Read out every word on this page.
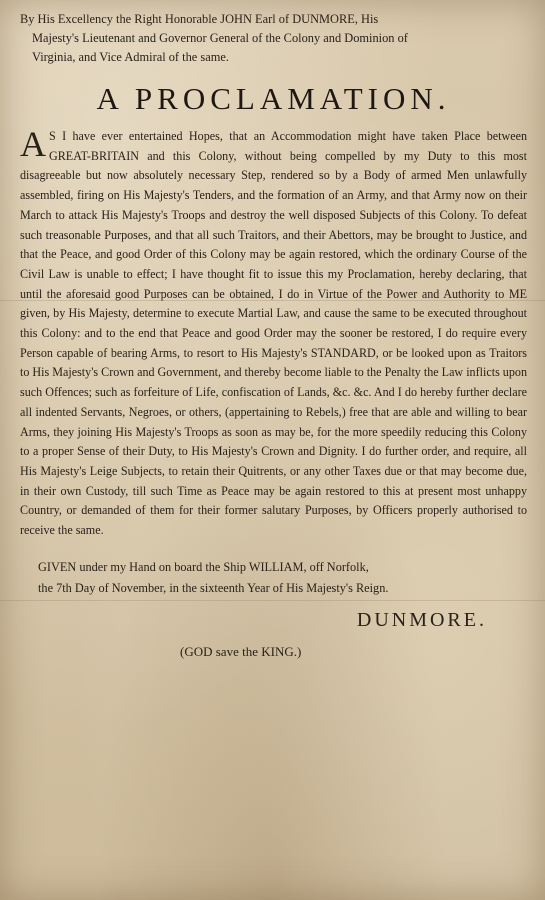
By His Excellency the Right Honorable JOHN Earl of DUNMORE, His

Majesty's Lieutenant and Governor General of the Colony and Dominion of
Virginia, and Vice Admiral of the same.

A PROCLAMATION.

A S I have ever entertained Hopes, that an Accommodation might have taken Place between GREAT-BRITAIN and this Colony, without being compelled by my Duty to this most disagreeable but now absolutely necessary Step, rendered so by a Body of armed Men unlawfully assembled, firing on His Majesty's Tenders, and the formation of an Army, and that Army now on their March to attack His Majesty's Troops and destroy the well disposed Subjects of this Colony. To defeat such treasonable Purposes, and that all such Traitors, and their Abettors, may be brought to Justice, and that the Peace, and good Order of this Colony may be again restored, which the ordinary Course of the Civil Law is unable to effect; I have thought fit to issue this my Proclamation, hereby declaring, that until the aforesaid good Purposes can be obtained, I do in Virtue of the Power and Authority to ME given, by His Majesty, determine to execute Martial Law, and cause the same to be executed throughout this Colony: and to the end that Peace and good Order may the sooner be restored, I do require every Person capable of bearing Arms, to resort to His Majesty's STANDARD, or be looked upon as Traitors to His Majesty's Crown and Government, and thereby become liable to the Penalty the Law inflicts upon such Offences; such as forfeiture of Life, confiscation of Lands, &c. &c. And I do hereby further declare all indented Servants, Negroes, or others, (appertaining to Rebels,) free that are able and willing to bear Arms, they joining His Majesty's Troops as soon as may be, for the more speedily reducing this Colony to a proper Sense of their Duty, to His Majesty's Crown and Dignity. I do further order, and require, all His Majesty's Leige Subjects, to retain their Quitrents, or any other Taxes due or that may become due, in their own Custody, till such Time as Peace may be again restored to this at present most unhappy Country, or demanded of them for their former salutary Purposes, by Officers properly authorised to receive the same.

GIVEN under my Hand on board the Ship WILLIAM, off Norfolk,

the 7th Day of November, in the sixteenth Year of His Majesty's Reign.

DUNMORE.

(GOD save the KING.)
